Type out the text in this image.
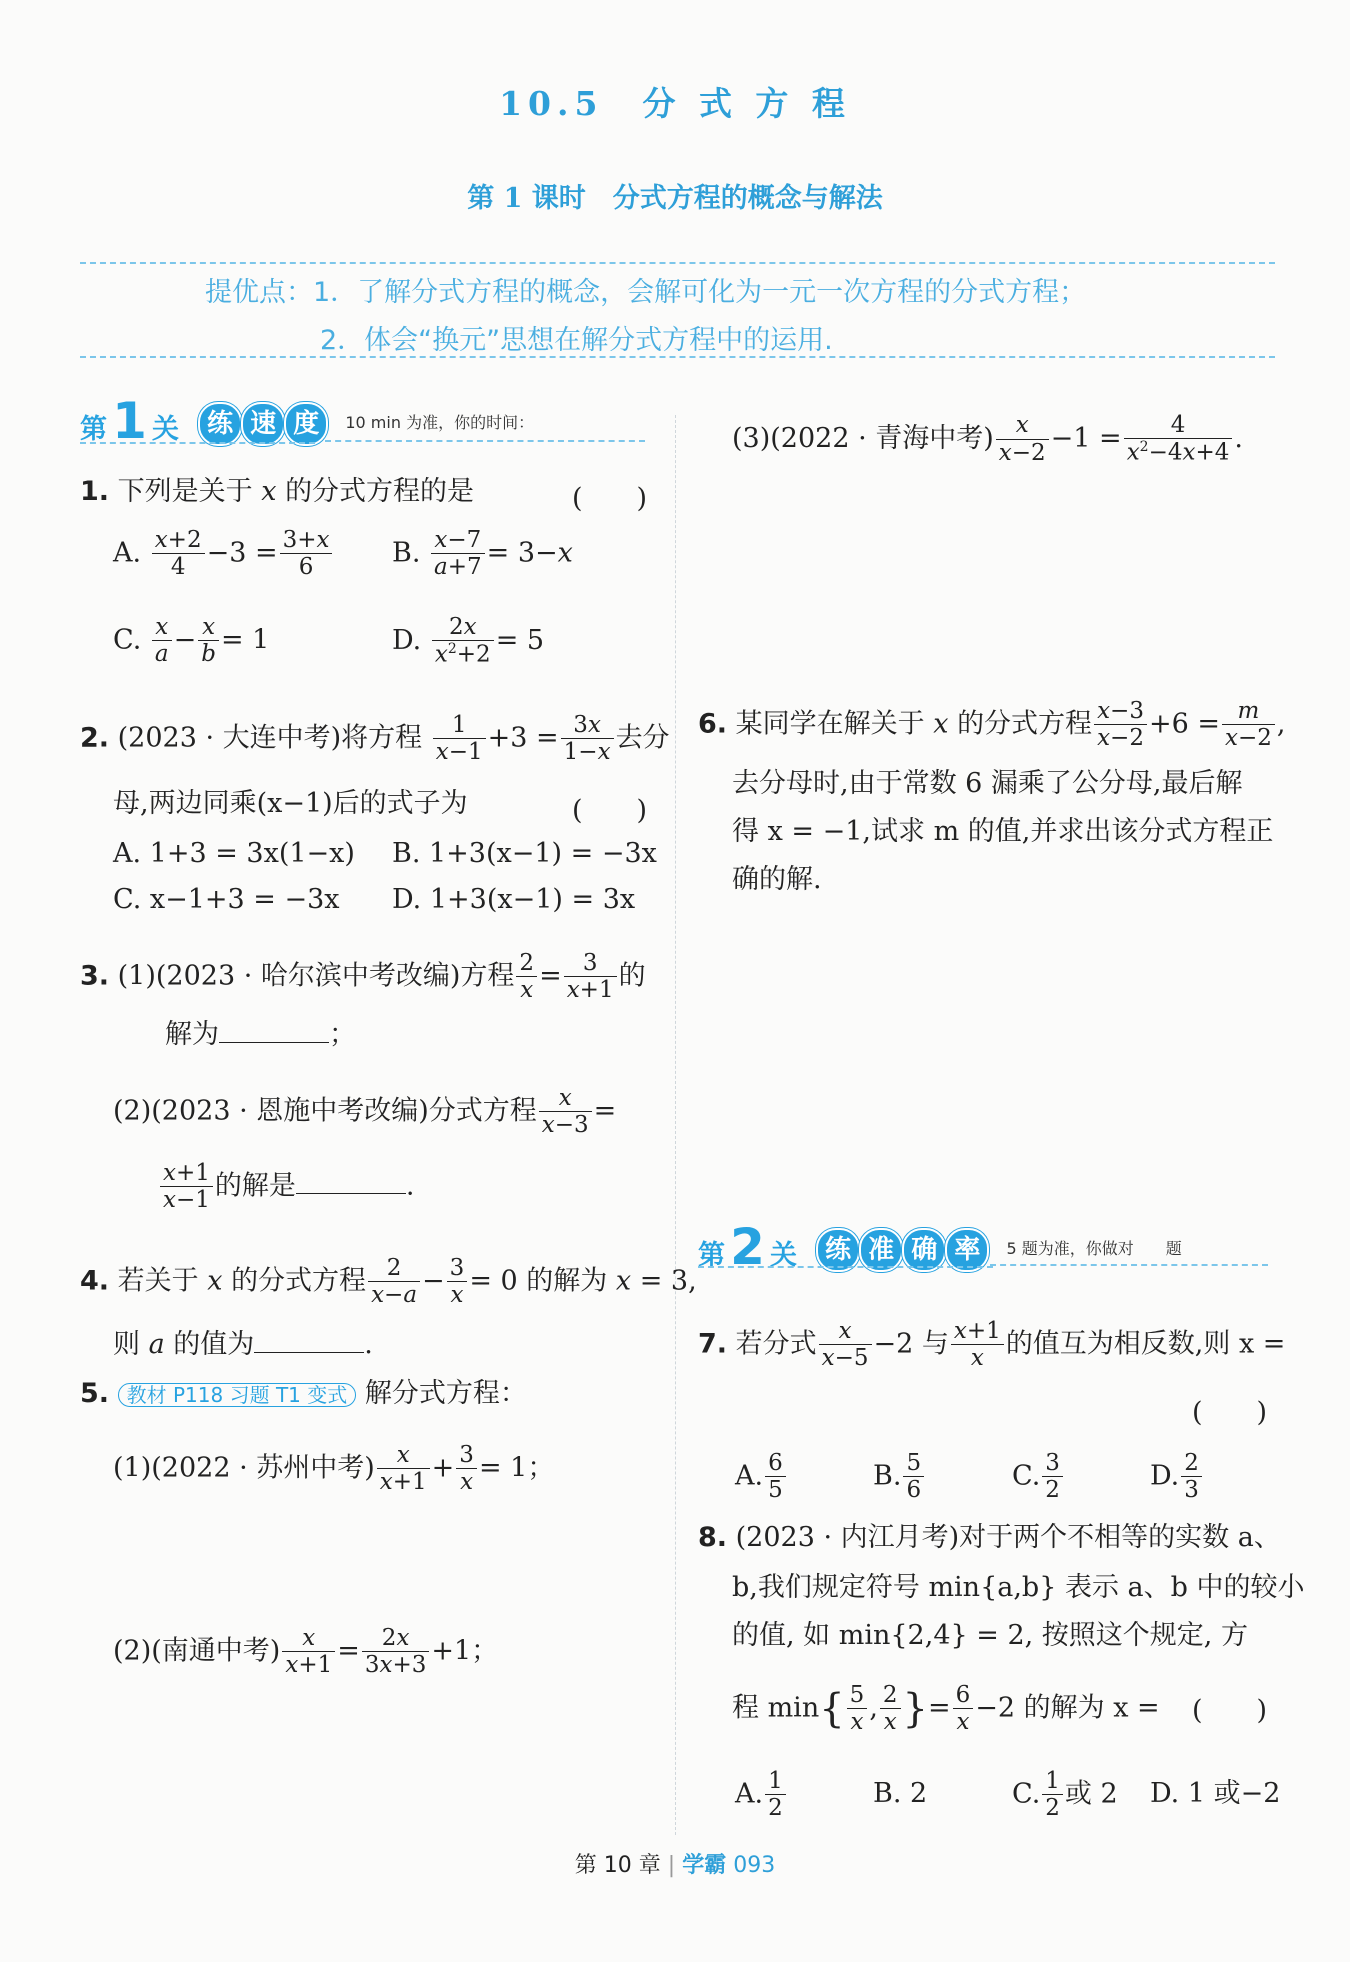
10.5　分 式 方 程
第 1 课时　分式方程的概念与解法
提优点：1．了解分式方程的概念，会解可化为一元一次方程的分式方程；
2．体会“换元”思想在解分式方程中的运用.
第 1 关 练 速 度 10 min 为准，你的时间：
1. 下列是关于 x 的分式方程的是	(　　)
A. $\frac{x+2}{4} -3 = \frac{3+x}{6} B$. $\frac{x-7}{a+7} = 3-x$
C. $\frac{x}{a} - \frac{x}{b} = 1$	D. $\frac{2x}{x^2+2} = 5$
2. (2023 · 大连中考)将方程 $\frac{1}{x-1} +3 = \frac{3x}{1-x}$ 去分
母,两边同乘(x−1)后的式子为	(　　)
A. 1+3 = 3x(1−x) B. 1+3(x−1) = −3x
C. x−1+3 = −3x D. 1+3(x−1) = 3x
3. (1)(2023 · 哈尔滨中考改编)方程 $\frac{2}{x} = \frac{3}{x+1}$ 的
解为	；
(2)(2023 · 恩施中考改编)分式方程 $\frac{x}{x-3}$ =
$\frac{x+1}{x-1}$ 的解是	.
4. 若关于 x 的分式方程 $\frac{2}{x-a} - \frac{3}{x} = 0$ 的解为 x = 3,
则 a 的值为	.
5. 教材 P118 习题 T1 变式 解分式方程：
(1)(2022 · 苏州中考) $\frac{x}{x+1} + \frac{3}{x} = 1$；
(2)(南通中考) $\frac{x}{x+1} = \frac{2x}{3x+3} +1$；
(3)(2022 · 青海中考) $\frac{x}{x-2} -1 = \frac{4}{x^2-4x+4}$ .
6. 某同学在解关于 x 的分式方程 $\frac{x-3}{x-2} +6 = \frac{m}{x-2}$ ,
去分母时,由于常数 6 漏乘了公分母,最后解
得 x = −1,试求 m 的值,并求出该分式方程正
确的解.
第 2 关 练 准 确 率 5 题为准，你做对　　题
7. 若分式 $\frac{x}{x-5} -2$ 与 $\frac{x+1}{x}$ 的值互为相反数,则 x =
(　　)
A. $\frac{6}{5}$	B. $\frac{5}{6}$	C. $\frac{3}{2}$	D. $\frac{2}{3}$
8. (2023 · 内江月考)对于两个不相等的实数 a、
b,我们规定符号 min{a,b} 表示 a、b 中的较小
的值, 如 min{2,4} = 2, 按照这个规定, 方
程 $\min\{ \frac{5}{x}$ , $\frac{2}{x}$ }= $\frac{6}{x} -2$ 的解为 x = (　　)
A. $\frac{1}{2}$	B. 2	C. $\frac{1}{2}$ 或 2 D. 1 或−2
第 10 章 | 学霸 093
